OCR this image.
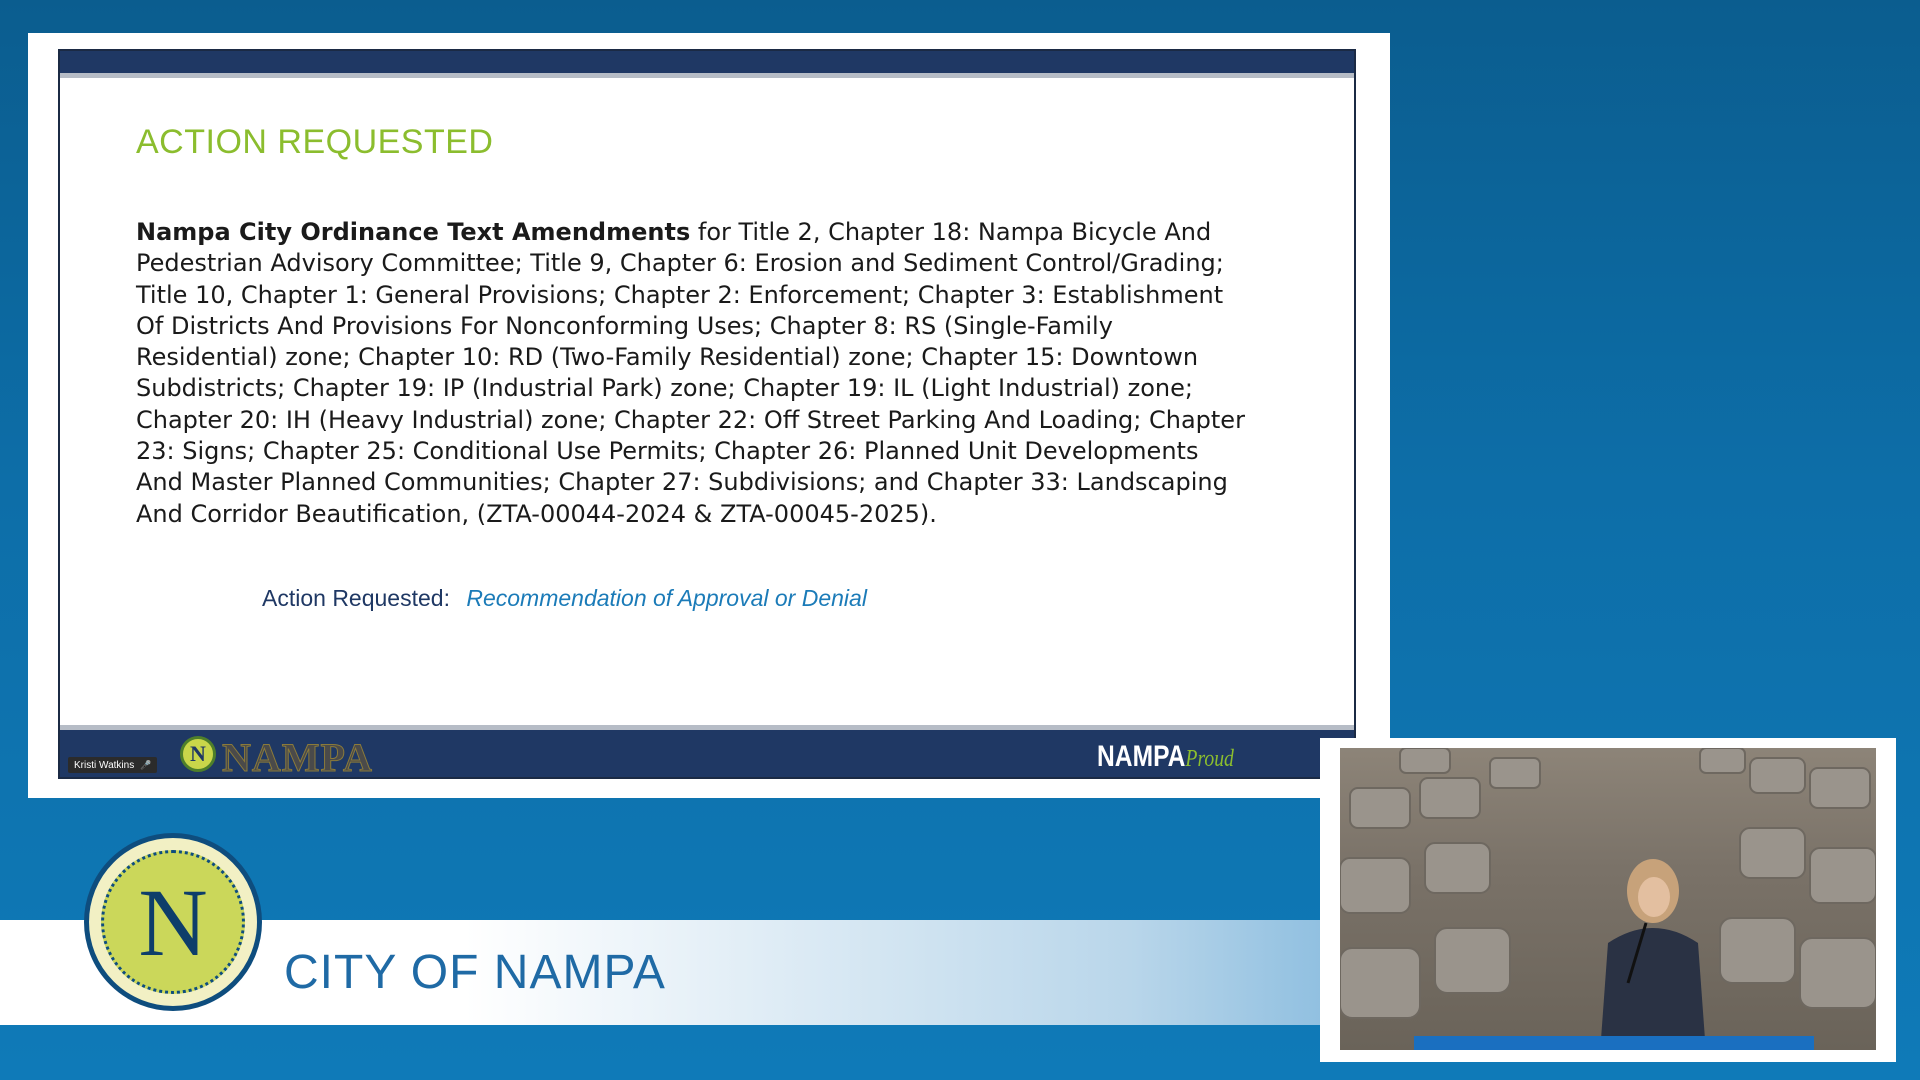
ACTION REQUESTED
Nampa City Ordinance Text Amendments for Title 2, Chapter 18: Nampa Bicycle And Pedestrian Advisory Committee; Title 9, Chapter 6: Erosion and Sediment Control/Grading; Title 10, Chapter 1: General Provisions; Chapter 2: Enforcement; Chapter 3: Establishment Of Districts And Provisions For Nonconforming Uses; Chapter 8: RS (Single-Family Residential) zone; Chapter 10: RD (Two-Family Residential) zone; Chapter 15: Downtown Subdistricts; Chapter 19: IP (Industrial Park) zone; Chapter 19: IL (Light Industrial) zone; Chapter 20: IH (Heavy Industrial) zone; Chapter 22: Off Street Parking And Loading; Chapter 23: Signs; Chapter 25: Conditional Use Permits; Chapter 26: Planned Unit Developments And Master Planned Communities; Chapter 27: Subdivisions; and Chapter 33: Landscaping And Corridor Beautification, (ZTA-00044-2024 & ZTA-00045-2025).
Action Requested: Recommendation of Approval or Denial
Kristi Watkins 🎤	N NAMPA	NAMPAProud
N	CITY OF NAMPA
